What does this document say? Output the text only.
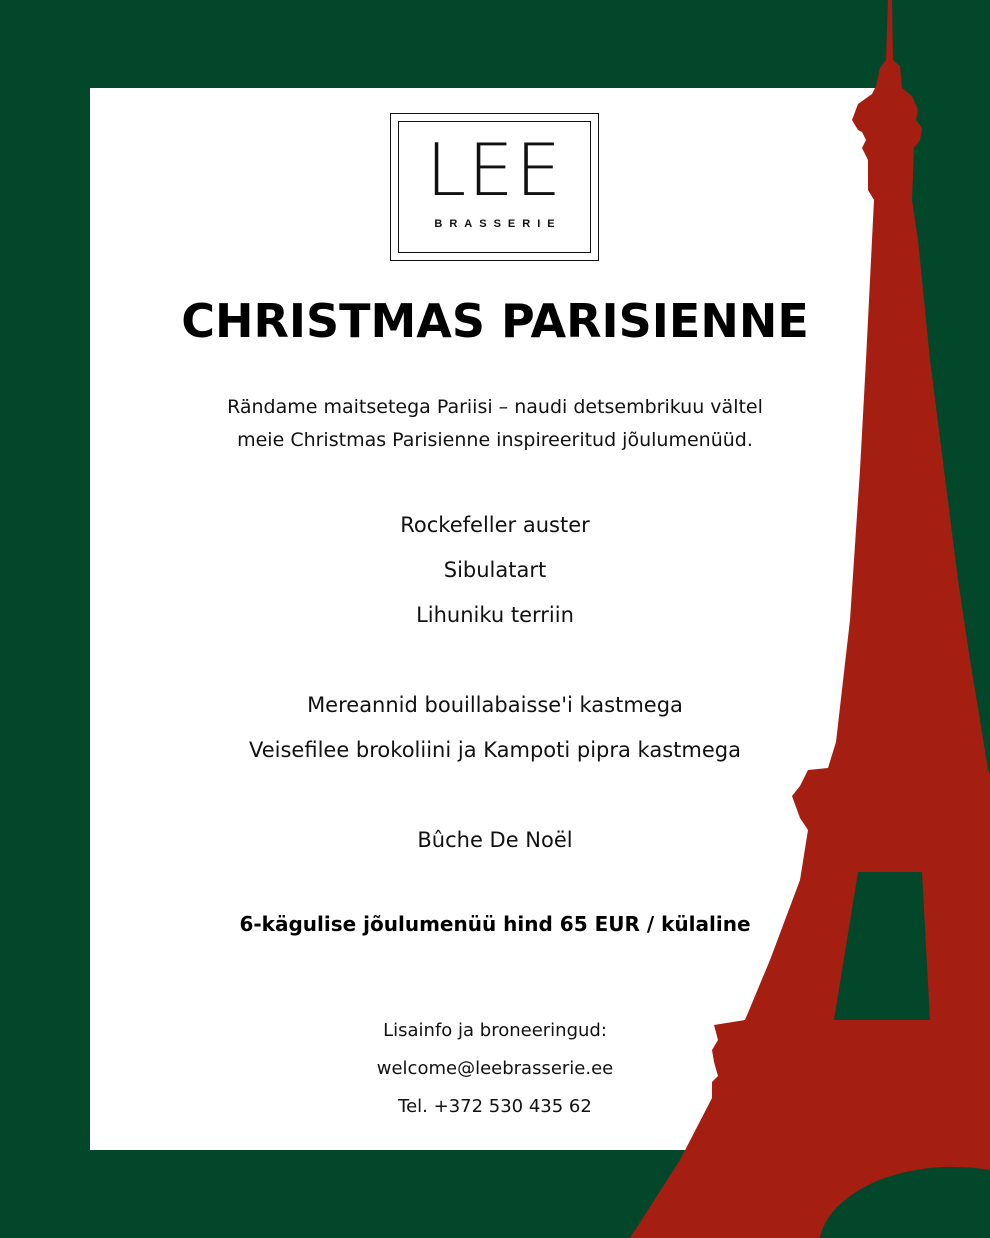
LEE
BRASSERIE
CHRISTMAS PARISIENNE
Rändame maitsetega Pariisi – naudi detsembrikuu vältel
meie Christmas Parisienne inspireeritud jõulumenüüd.
Rockefeller auster
Sibulatart
Lihuniku terriin
Mereannid bouillabaisse'i kastmega
Veisefilee brokoliini ja Kampoti pipra kastmega
Bûche De Noël
6-kägulise jõulumenüü hind 65 EUR / külaline
Lisainfo ja broneeringud:
welcome@leebrasserie.ee
Tel. +372 530 435 62
